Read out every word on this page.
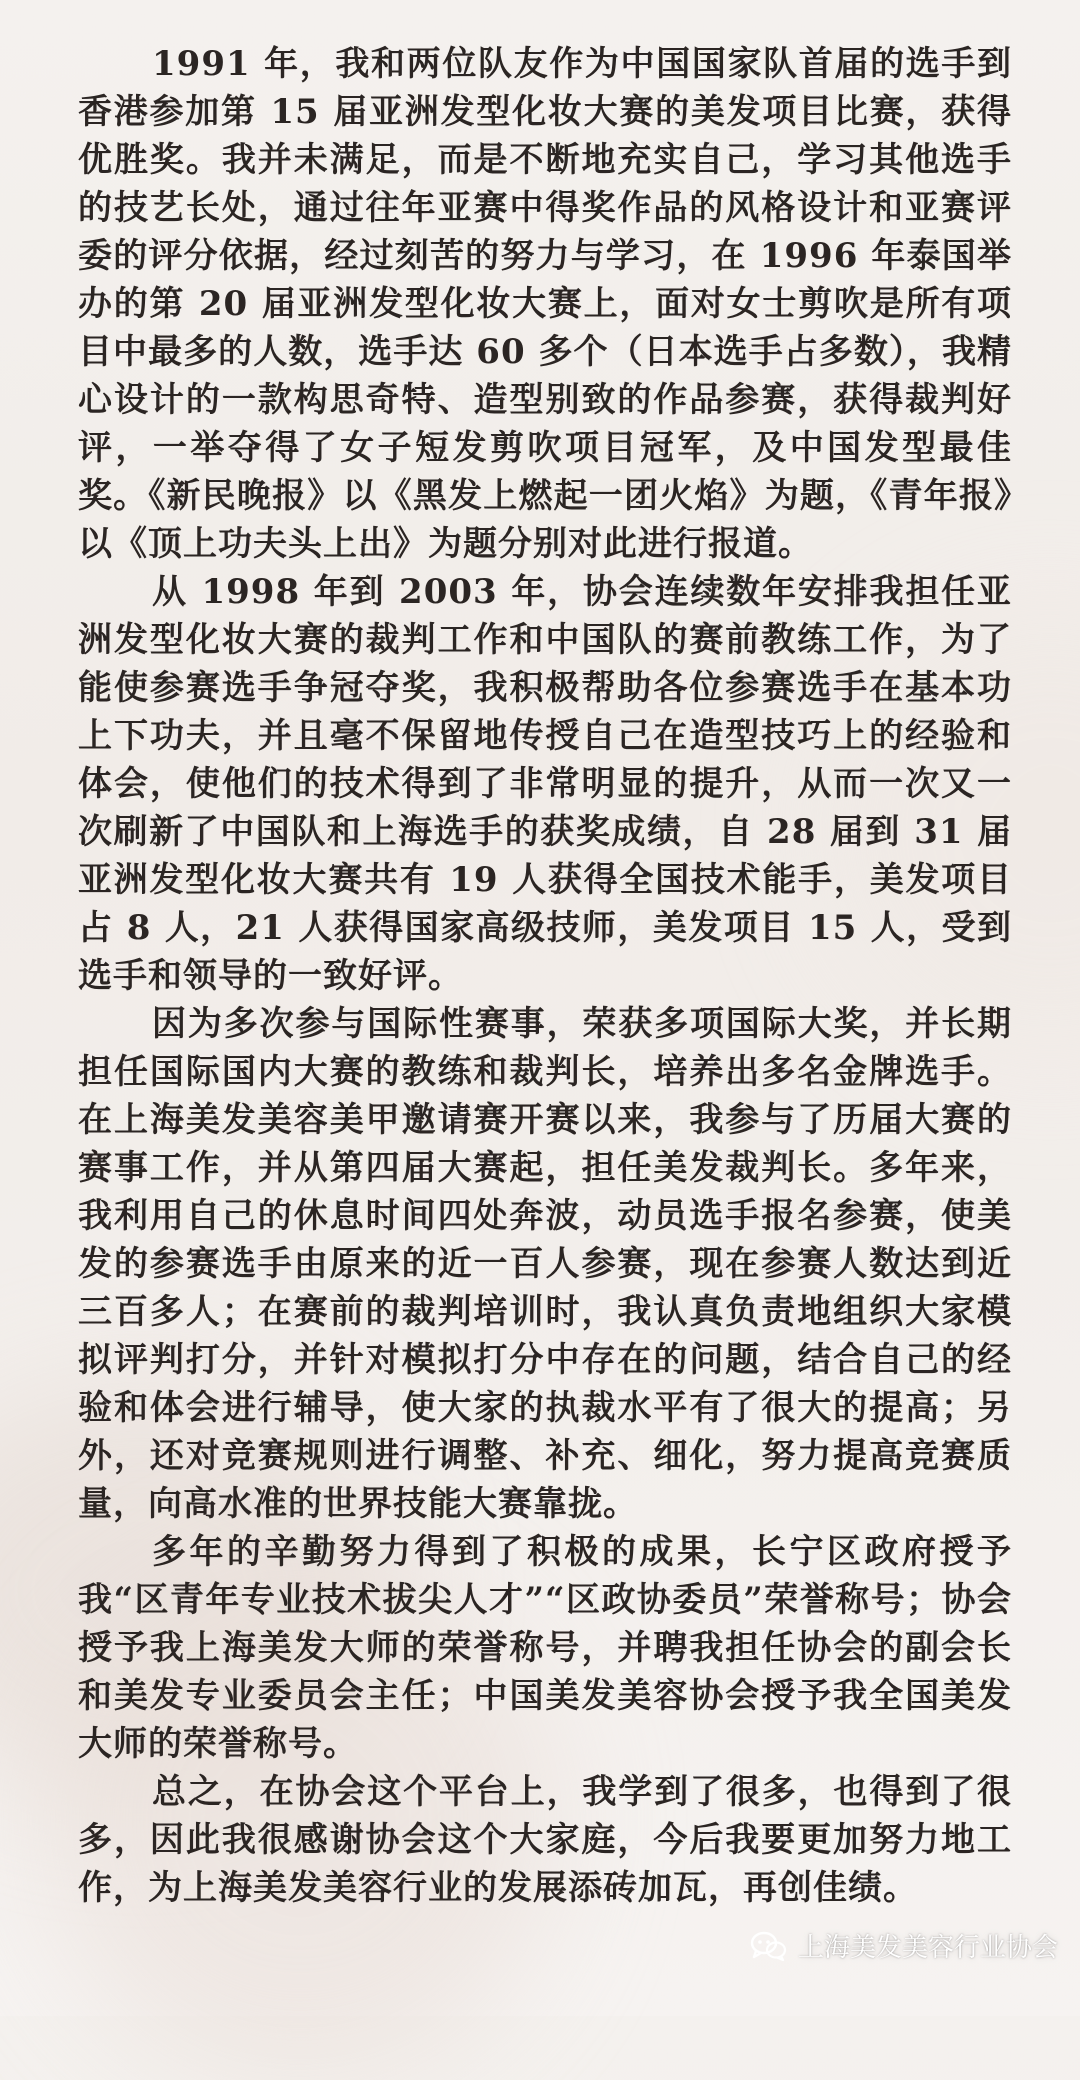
1991 年，我和两位队友作为中国国家队首届的选手到香港参加第 15 届亚洲发型化妆大赛的美发项目比赛，获得优胜奖。我并未满足，而是不断地充实自己，学习其他选手的技艺长处，通过往年亚赛中得奖作品的风格设计和亚赛评委的评分依据，经过刻苦的努力与学习，在 1996 年泰国举办的第 20 届亚洲发型化妆大赛上，面对女士剪吹是所有项目中最多的人数，选手达 60 多个（日本选手占多数），我精心设计的一款构思奇特、造型别致的作品参赛，获得裁判好评，一举夺得了女子短发剪吹项目冠军，及中国发型最佳奖。《新民晚报》以《黑发上燃起一团火焰》为题，《青年报》以《顶上功夫头上出》为题分别对此进行报道。

从 1998 年到 2003 年，协会连续数年安排我担任亚洲发型化妆大赛的裁判工作和中国队的赛前教练工作，为了能使参赛选手争冠夺奖，我积极帮助各位参赛选手在基本功上下功夫，并且毫不保留地传授自己在造型技巧上的经验和体会，使他们的技术得到了非常明显的提升，从而一次又一次刷新了中国队和上海选手的获奖成绩，自 28 届到 31 届亚洲发型化妆大赛共有 19 人获得全国技术能手，美发项目占 8 人，21 人获得国家高级技师，美发项目 15 人，受到选手和领导的一致好评。

因为多次参与国际性赛事，荣获多项国际大奖，并长期担任国际国内大赛的教练和裁判长，培养出多名金牌选手。在上海美发美容美甲邀请赛开赛以来，我参与了历届大赛的赛事工作，并从第四届大赛起，担任美发裁判长。多年来，我利用自己的休息时间四处奔波，动员选手报名参赛，使美发的参赛选手由原来的近一百人参赛，现在参赛人数达到近三百多人；在赛前的裁判培训时，我认真负责地组织大家模拟评判打分，并针对模拟打分中存在的问题，结合自己的经验和体会进行辅导，使大家的执裁水平有了很大的提高；另外，还对竞赛规则进行调整、补充、细化，努力提高竞赛质量，向高水准的世界技能大赛靠拢。

多年的辛勤努力得到了积极的成果，长宁区政府授予我“区青年专业技术拔尖人才”“区政协委员”荣誉称号；协会授予我上海美发大师的荣誉称号，并聘我担任协会的副会长和美发专业委员会主任；中国美发美容协会授予我全国美发大师的荣誉称号。

总之，在协会这个平台上，我学到了很多，也得到了很多，因此我很感谢协会这个大家庭，今后我要更加努力地工作，为上海美发美容行业的发展添砖加瓦，再创佳绩。

上海美发美容行业协会
